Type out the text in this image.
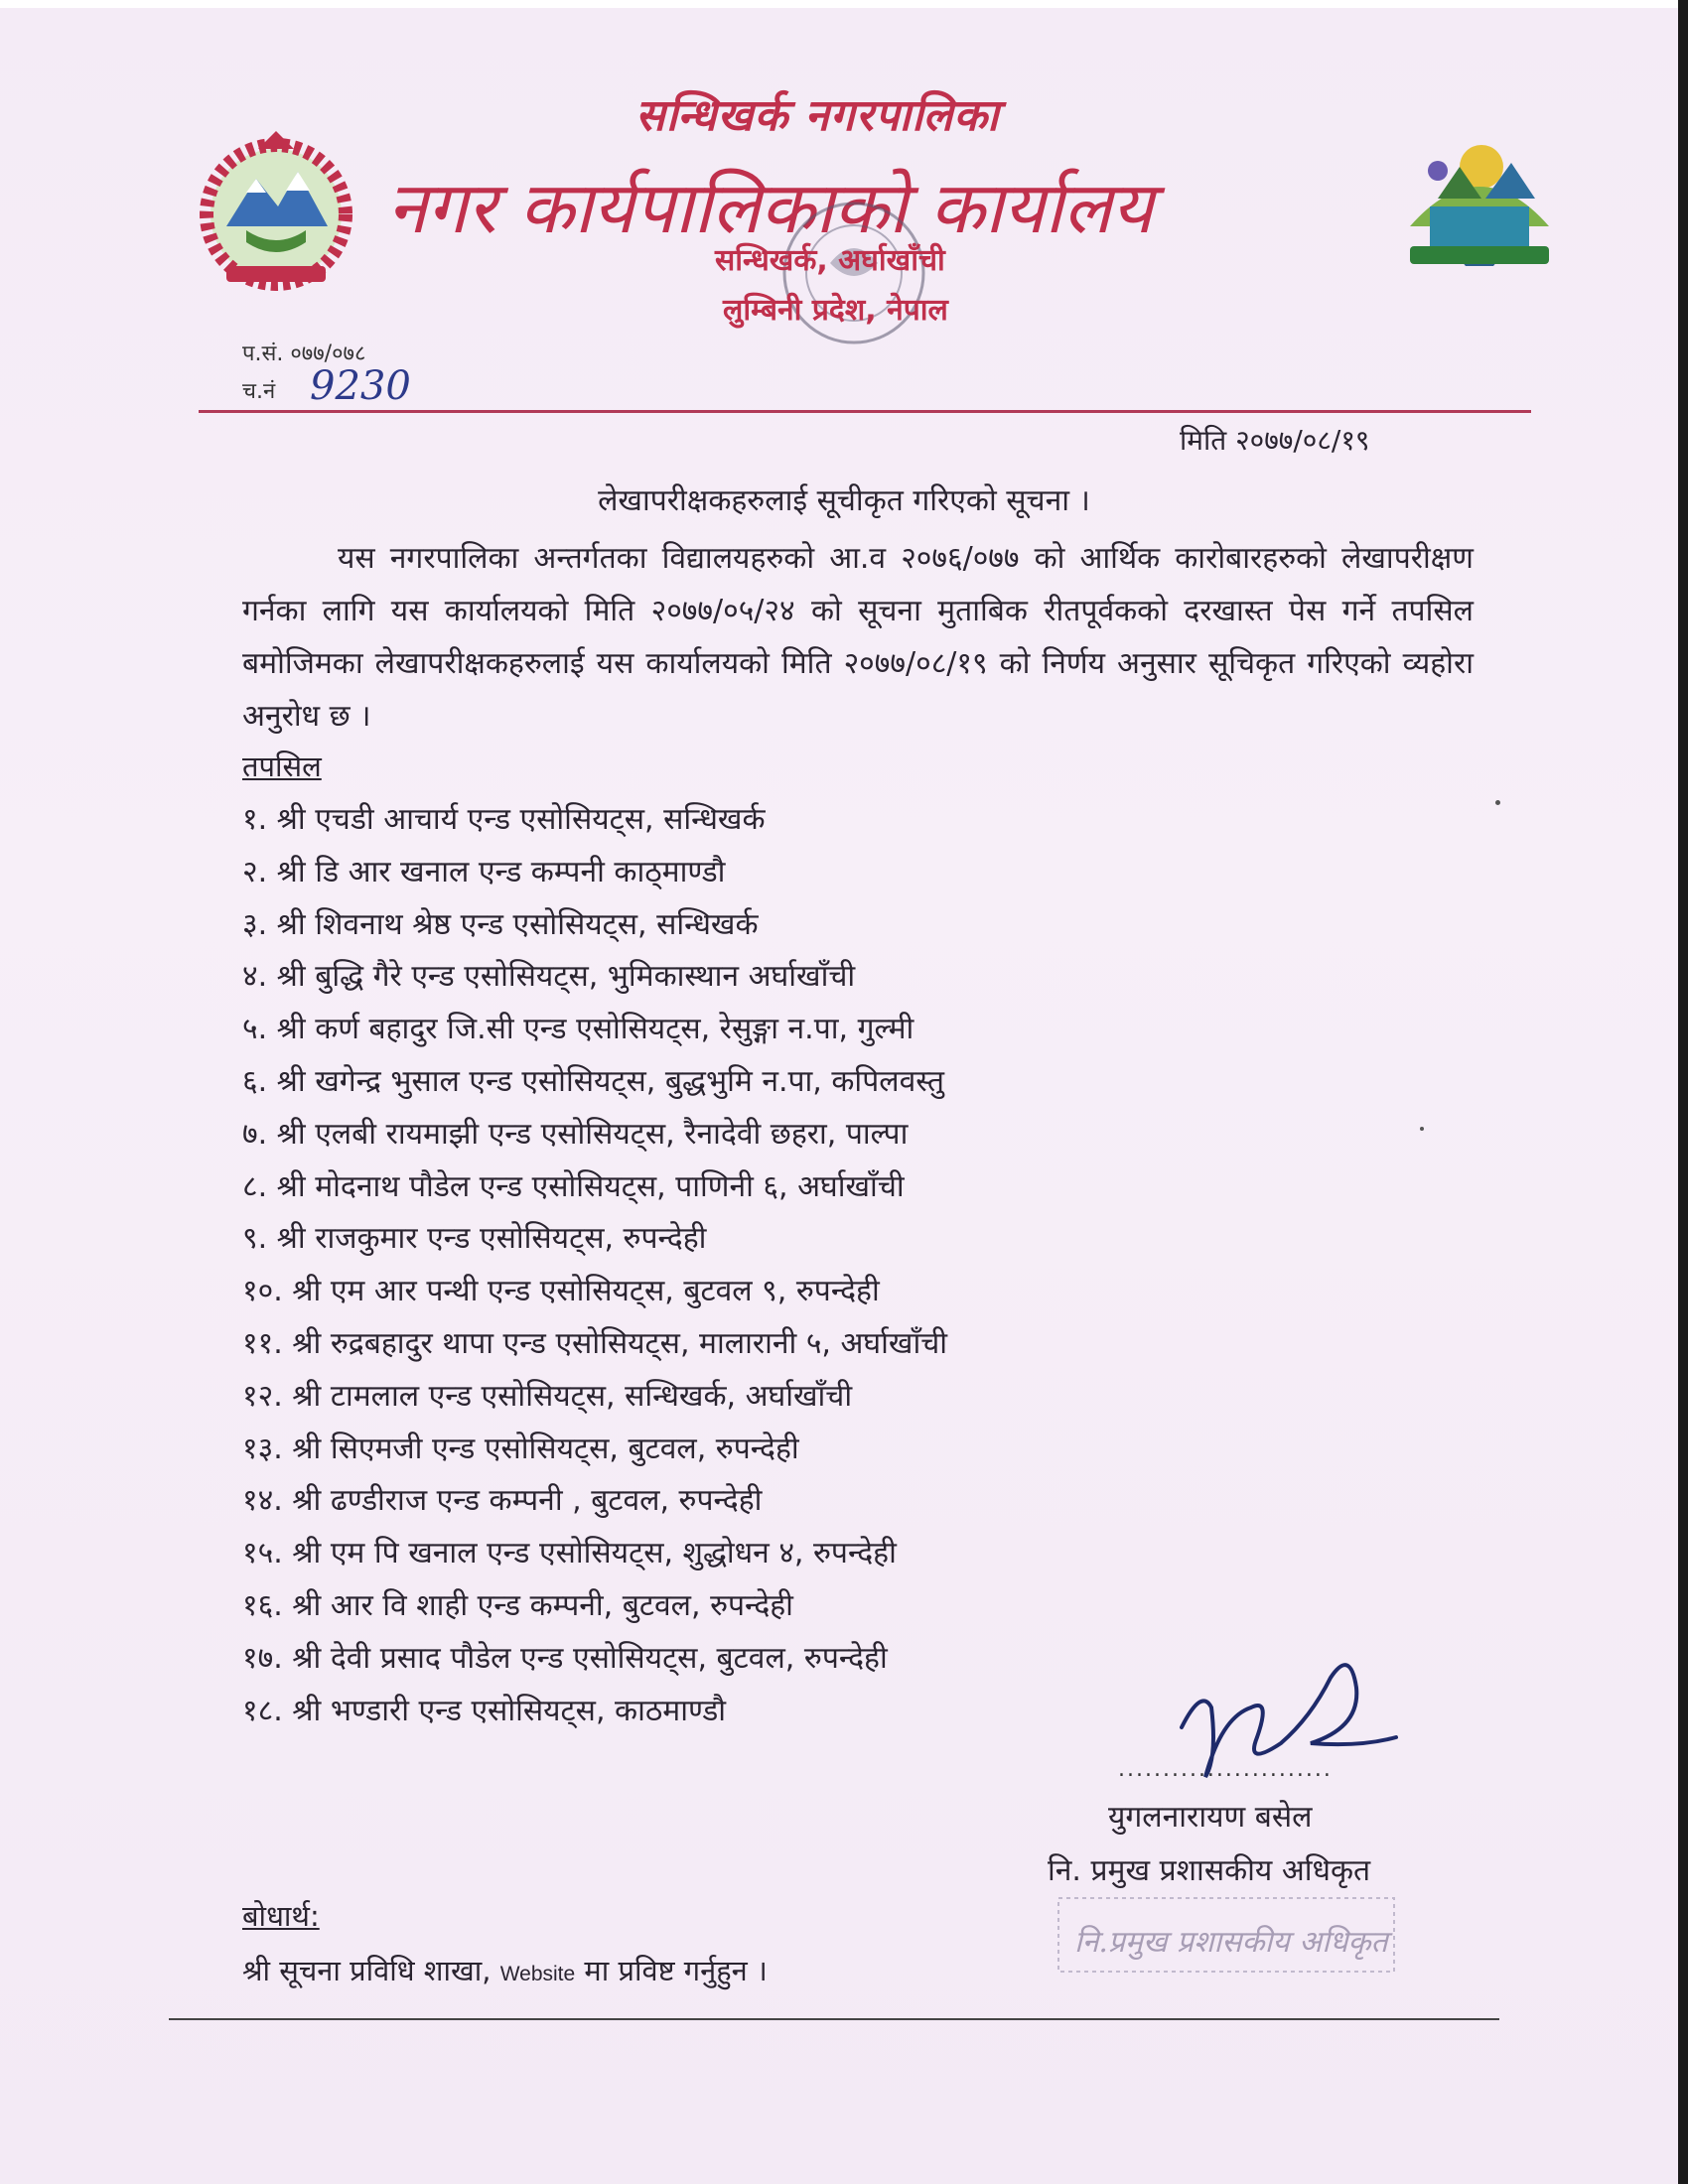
सन्धिखर्क नगरपालिका
नगर कार्यपालिकाको कार्यालय
सन्धिखर्क, अर्घाखाँची
लुम्बिनी प्रदेश, नेपाल
प.सं. ०७७/०७८
च.नं 9230
मिति २०७७/०८/१९
लेखापरीक्षकहरुलाई सूचीकृत गरिएको सूचना ।
यस नगरपालिका अन्तर्गतका विद्यालयहरुको आ.व २०७६/०७७ को आर्थिक कारोबारहरुको लेखापरीक्षण गर्नका लागि यस कार्यालयको मिति २०७७/०५/२४ को सूचना मुताबिक रीतपूर्वकको दरखास्त पेस गर्ने तपसिल बमोजिमका लेखापरीक्षकहरुलाई यस कार्यालयको मिति २०७७/०८/१९ को निर्णय अनुसार सूचिकृत गरिएको व्यहोरा अनुरोध छ ।
तपसिल
१. श्री एचडी आचार्य एन्ड एसोसियट्स, सन्धिखर्क
२. श्री डि आर खनाल एन्ड कम्पनी काठ्माण्डौ
३. श्री शिवनाथ श्रेष्ठ एन्ड एसोसियट्स, सन्धिखर्क
४. श्री बुद्धि गैरे एन्ड एसोसियट्स, भुमिकास्थान अर्घाखाँची
५. श्री कर्ण बहादुर जि.सी एन्ड एसोसियट्स, रेसुङ्गा न.पा, गुल्मी
६. श्री खगेन्द्र भुसाल एन्ड एसोसियट्स, बुद्धभुमि न.पा, कपिलवस्तु
७. श्री एलबी रायमाझी एन्ड एसोसियट्स, रैनादेवी छहरा, पाल्पा
८. श्री मोदनाथ पौडेल एन्ड एसोसियट्स, पाणिनी ६, अर्घाखाँची
९. श्री राजकुमार एन्ड एसोसियट्स, रुपन्देही
१०. श्री एम आर पन्थी एन्ड एसोसियट्स, बुटवल ९, रुपन्देही
११. श्री रुद्रबहादुर थापा एन्ड एसोसियट्स, मालारानी ५, अर्घाखाँची
१२. श्री टामलाल एन्ड एसोसियट्स, सन्धिखर्क, अर्घाखाँची
१३. श्री सिएमजी एन्ड एसोसियट्स, बुटवल, रुपन्देही
१४. श्री ढण्डीराज एन्ड कम्पनी , बुटवल, रुपन्देही
१५. श्री एम पि खनाल एन्ड एसोसियट्स, शुद्धोधन ४, रुपन्देही
१६. श्री आर वि शाही एन्ड कम्पनी, बुटवल, रुपन्देही
१७. श्री देवी प्रसाद पौडेल एन्ड एसोसियट्स, बुटवल, रुपन्देही
१८. श्री भण्डारी एन्ड एसोसियट्स, काठमाण्डौ
........................
युगलनारायण बसेल
नि. प्रमुख प्रशासकीय अधिकृत
नि.प्रमुख प्रशासकीय अधिकृत
बोधार्थ:
श्री सूचना प्रविधि शाखा, Website मा प्रविष्ट गर्नुहुन ।
